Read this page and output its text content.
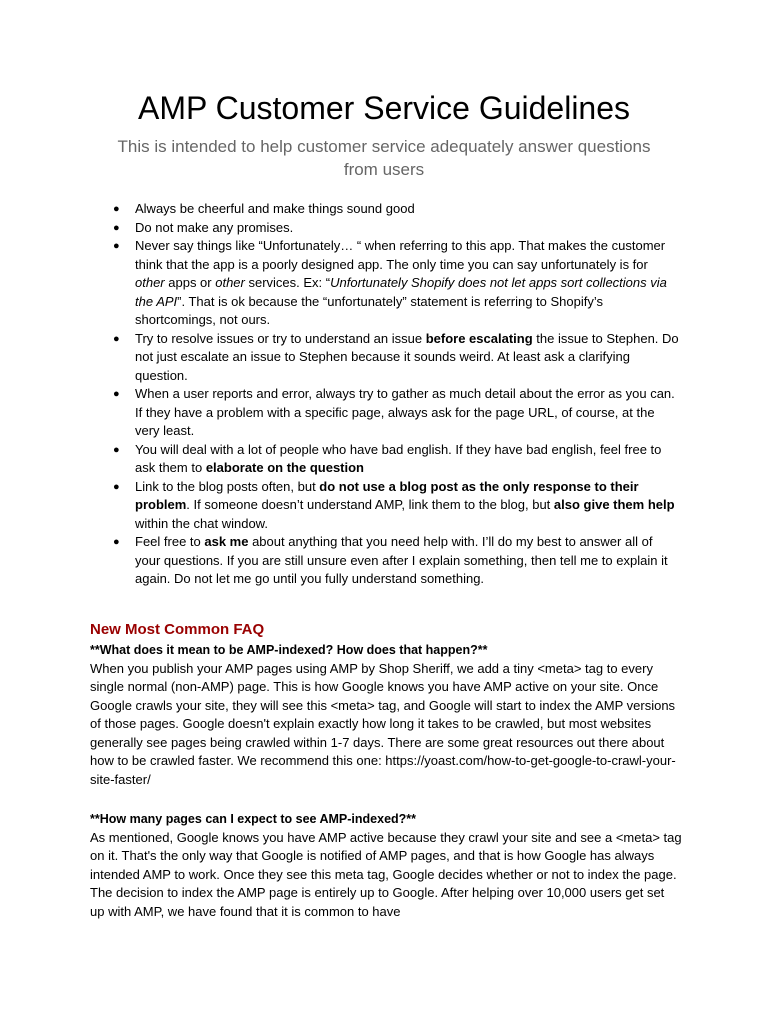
AMP Customer Service Guidelines
This is intended to help customer service adequately answer questions from users
● Always be cheerful and make things sound good
● Do not make any promises.
● Never say things like “Unfortunately… “ when referring to this app. That makes the customer think that the app is a poorly designed app. The only time you can say unfortunately is for other apps or other services. Ex: “Unfortunately Shopify does not let apps sort collections via the API”. That is ok because the “unfortunately” statement is referring to Shopify’s shortcomings, not ours.
● Try to resolve issues or try to understand an issue before escalating the issue to Stephen. Do not just escalate an issue to Stephen because it sounds weird. At least ask a clarifying question.
● When a user reports and error, always try to gather as much detail about the error as you can. If they have a problem with a specific page, always ask for the page URL, of course, at the very least.
● You will deal with a lot of people who have bad english. If they have bad english, feel free to ask them to elaborate on the question
● Link to the blog posts often, but do not use a blog post as the only response to their problem. If someone doesn’t understand AMP, link them to the blog, but also give them help within the chat window.
● Feel free to ask me about anything that you need help with. I’ll do my best to answer all of your questions. If you are still unsure even after I explain something, then tell me to explain it again. Do not let me go until you fully understand something.
New Most Common FAQ
**What does it mean to be AMP-indexed? How does that happen?**
When you publish your AMP pages using AMP by Shop Sheriff, we add a tiny <meta> tag to every single normal (non-AMP) page. This is how Google knows you have AMP active on your site. Once Google crawls your site, they will see this <meta> tag, and Google will start to index the AMP versions of those pages. Google doesn't explain exactly how long it takes to be crawled, but most websites generally see pages being crawled within 1-7 days. There are some great resources out there about how to be crawled faster. We recommend this one: https://yoast.com/how-to-get-google-to-crawl-your-site-faster/
**How many pages can I expect to see AMP-indexed?**
As mentioned, Google knows you have AMP active because they crawl your site and see a <meta> tag on it. That's the only way that Google is notified of AMP pages, and that is how Google has always intended AMP to work. Once they see this meta tag, Google decides whether or not to index the page. The decision to index the AMP page is entirely up to Google. After helping over 10,000 users get set up with AMP, we have found that it is common to have
